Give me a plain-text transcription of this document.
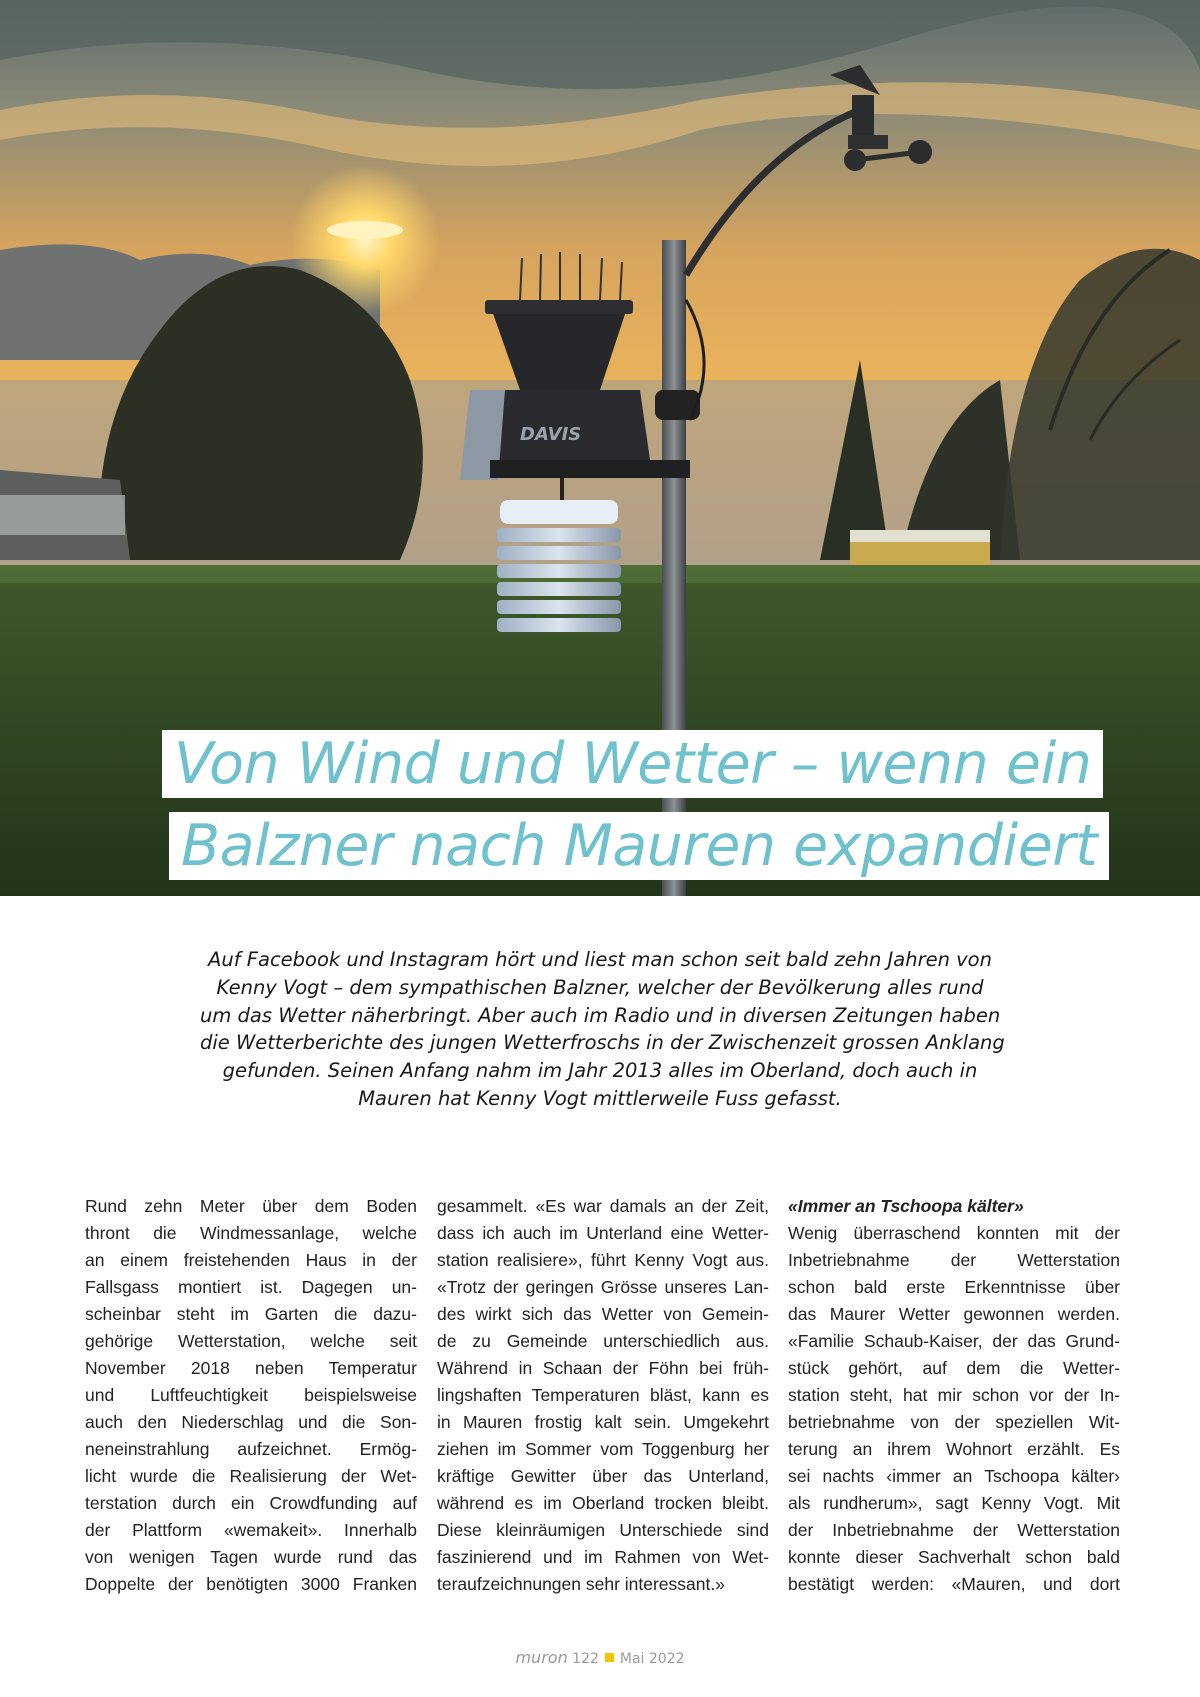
DAVIS
Von Wind und Wetter – wenn ein
Balzner nach Mauren expandiert
Auf Facebook und Instagram hört und liest man schon seit bald zehn Jahren von
Kenny Vogt – dem sympathischen Balzner, welcher der Bevölkerung alles rund
um das Wetter näherbringt. Aber auch im Radio und in diversen Zeitungen haben
die Wetterberichte des jungen Wetterfroschs in der Zwischenzeit grossen Anklang
gefunden. Seinen Anfang nahm im Jahr 2013 alles im Oberland, doch auch in
Mauren hat Kenny Vogt mittlerweile Fuss gefasst.
Rund zehn Meter über dem Boden
thront die Windmessanlage, welche
an einem freistehenden Haus in der
Fallsgass montiert ist. Dagegen un-
scheinbar steht im Garten die dazu-
gehörige Wetterstation, welche seit
November 2018 neben Temperatur
und Luftfeuchtigkeit beispielsweise
auch den Niederschlag und die Son-
neneinstrahlung aufzeichnet. Ermög-
licht wurde die Realisierung der Wet-
terstation durch ein Crowdfunding auf
der Plattform «wemakeit». Innerhalb
von wenigen Tagen wurde rund das
Doppelte der benötigten 3000 Franken
gesammelt. «Es war damals an der Zeit,
dass ich auch im Unterland eine Wetter-
station realisiere», führt Kenny Vogt aus.
«Trotz der geringen Grösse unseres Lan-
des wirkt sich das Wetter von Gemein-
de zu Gemeinde unterschiedlich aus.
Während in Schaan der Föhn bei früh-
lingshaften Temperaturen bläst, kann es
in Mauren frostig kalt sein. Umgekehrt
ziehen im Sommer vom Toggenburg her
kräftige Gewitter über das Unterland,
während es im Oberland trocken bleibt.
Diese kleinräumigen Unterschiede sind
faszinierend und im Rahmen von Wet-
teraufzeichnungen sehr interessant.»
«Immer an Tschoopa kälter»
Wenig überraschend konnten mit der
Inbetriebnahme der Wetterstation
schon bald erste Erkenntnisse über
das Maurer Wetter gewonnen werden.
«Familie Schaub-Kaiser, der das Grund-
stück gehört, auf dem die Wetter-
station steht, hat mir schon vor der In-
betriebnahme von der speziellen Wit-
terung an ihrem Wohnort erzählt. Es
sei nachts ‹immer an Tschoopa kälter›
als rundherum», sagt Kenny Vogt. Mit
der Inbetriebnahme der Wetterstation
konnte dieser Sachverhalt schon bald
bestätigt werden: «Mauren, und dort
muron 122 Mai 2022
